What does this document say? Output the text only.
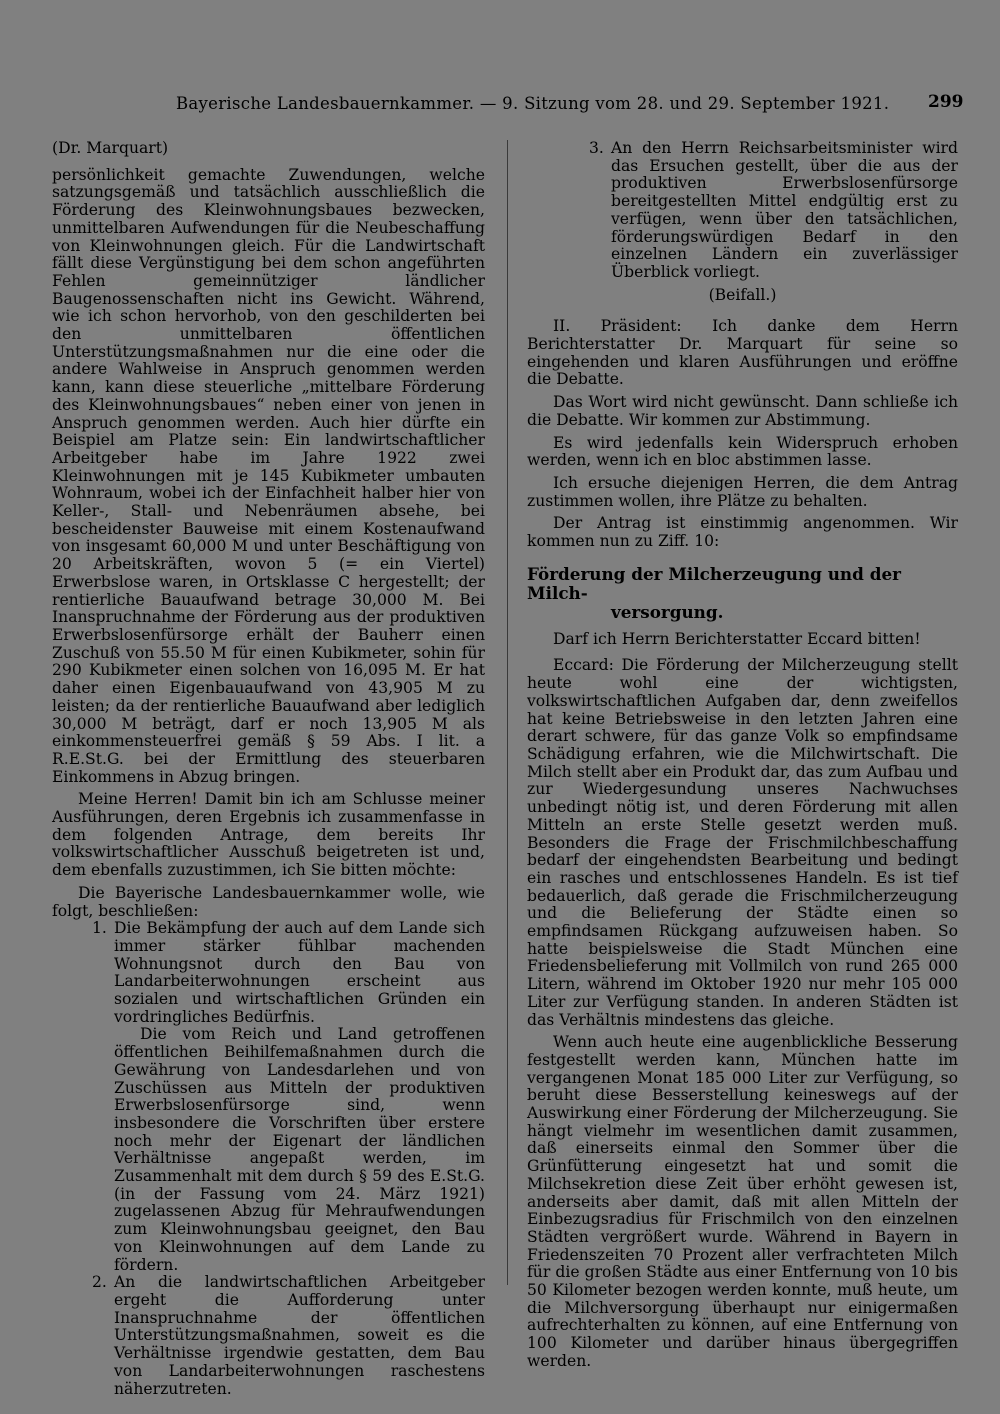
Bayerische Landesbauernkammer. — 9. Sitzung vom 28. und 29. September 1921. 299

(Dr. Marquart)

persönlichkeit gemachte Zuwendungen, welche satzungsgemäß und tatsächlich ausschließlich die Förderung des Kleinwohnungsbaues bezwecken, unmittelbaren Aufwendungen für die Neubeschaffung von Kleinwohnungen gleich. Für die Landwirtschaft fällt diese Vergünstigung bei dem schon angeführten Fehlen gemeinnütziger ländlicher Baugenossenschaften nicht ins Gewicht. Während, wie ich schon hervorhob, von den geschilderten bei den unmittelbaren öffentlichen Unterstützungsmaßnahmen nur die eine oder die andere Wahlweise in Anspruch genommen werden kann, kann diese steuerliche „mittelbare Förderung des Kleinwohnungsbaues“ neben einer von jenen in Anspruch genommen werden. Auch hier dürfte ein Beispiel am Platze sein: Ein landwirtschaftlicher Arbeitgeber habe im Jahre 1922 zwei Kleinwohnungen mit je 145 Kubikmeter umbauten Wohnraum, wobei ich der Einfachheit halber hier von Keller-, Stall- und Nebenräumen absehe, bei bescheidenster Bauweise mit einem Kostenaufwand von insgesamt 60,000 M und unter Beschäftigung von 20 Arbeitskräften, wovon 5 (= ein Viertel) Erwerbslose waren, in Ortsklasse C hergestellt; der rentierliche Bauaufwand betrage 30,000 M. Bei Inanspruchnahme der Förderung aus der produktiven Erwerbslosenfürsorge erhält der Bauherr einen Zuschuß von 55.50 M für einen Kubikmeter, sohin für 290 Kubikmeter einen solchen von 16,095 M. Er hat daher einen Eigenbauaufwand von 43,905 M zu leisten; da der rentierliche Bauaufwand aber lediglich 30,000 M beträgt, darf er noch 13,905 M als einkommensteuerfrei gemäß § 59 Abs. I lit. a R.E.St.G. bei der Ermittlung des steuerbaren Einkommens in Abzug bringen.

Meine Herren! Damit bin ich am Schlusse meiner Ausführungen, deren Ergebnis ich zusammenfasse in dem folgenden Antrage, dem bereits Ihr volkswirtschaftlicher Ausschuß beigetreten ist und, dem ebenfalls zuzustimmen, ich Sie bitten möchte:

Die Bayerische Landesbauernkammer wolle, wie folgt, beschließen:

1. Die Bekämpfung der auch auf dem Lande sich immer stärker fühlbar machenden Wohnungsnot durch den Bau von Landarbeiterwohnungen erscheint aus sozialen und wirtschaftlichen Gründen ein vordringliches Bedürfnis.

Die vom Reich und Land getroffenen öffentlichen Beihilfemaßnahmen durch die Gewährung von Landesdarlehen und von Zuschüssen aus Mitteln der produktiven Erwerbslosenfürsorge sind, wenn insbesondere die Vorschriften über erstere noch mehr der Eigenart der ländlichen Verhältnisse angepaßt werden, im Zusammenhalt mit dem durch § 59 des E.St.G. (in der Fassung vom 24. März 1921) zugelassenen Abzug für Mehraufwendungen zum Kleinwohnungsbau geeignet, den Bau von Kleinwohnungen auf dem Lande zu fördern.

2. An die landwirtschaftlichen Arbeitgeber ergeht die Aufforderung unter Inanspruchnahme der öffentlichen Unterstützungsmaßnahmen, soweit es die Verhältnisse irgendwie gestatten, dem Bau von Landarbeiterwohnungen raschestens näherzutreten.

3. An den Herrn Reichsarbeitsminister wird das Ersuchen gestellt, über die aus der produktiven Erwerbslosenfürsorge bereitgestellten Mittel endgültig erst zu verfügen, wenn über den tatsächlichen, förderungswürdigen Bedarf in den einzelnen Ländern ein zuverlässiger Überblick vorliegt.

(Beifall.)

II. Präsident: Ich danke dem Herrn Berichterstatter Dr. Marquart für seine so eingehenden und klaren Ausführungen und eröffne die Debatte.

Das Wort wird nicht gewünscht. Dann schließe ich die Debatte. Wir kommen zur Abstimmung.

Es wird jedenfalls kein Widerspruch erhoben werden, wenn ich en bloc abstimmen lasse.

Ich ersuche diejenigen Herren, die dem Antrag zustimmen wollen, ihre Plätze zu behalten.

Der Antrag ist einstimmig angenommen. Wir kommen nun zu Ziff. 10:

Förderung der Milcherzeugung und der Milch-
versorgung.

Darf ich Herrn Berichterstatter Eccard bitten!

Eccard: Die Förderung der Milcherzeugung stellt heute wohl eine der wichtigsten, volkswirtschaftlichen Aufgaben dar, denn zweifellos hat keine Betriebsweise in den letzten Jahren eine derart schwere, für das ganze Volk so empfindsame Schädigung erfahren, wie die Milchwirtschaft. Die Milch stellt aber ein Produkt dar, das zum Aufbau und zur Wiedergesundung unseres Nachwuchses unbedingt nötig ist, und deren Förderung mit allen Mitteln an erste Stelle gesetzt werden muß. Besonders die Frage der Frischmilchbeschaffung bedarf der eingehendsten Bearbeitung und bedingt ein rasches und entschlossenes Handeln. Es ist tief bedauerlich, daß gerade die Frischmilcherzeugung und die Belieferung der Städte einen so empfindsamen Rückgang aufzuweisen haben. So hatte beispielsweise die Stadt München eine Friedensbelieferung mit Vollmilch von rund 265 000 Litern, während im Oktober 1920 nur mehr 105 000 Liter zur Verfügung standen. In anderen Städten ist das Verhältnis mindestens das gleiche.

Wenn auch heute eine augenblickliche Besserung festgestellt werden kann, München hatte im vergangenen Monat 185 000 Liter zur Verfügung, so beruht diese Besserstellung keineswegs auf der Auswirkung einer Förderung der Milcherzeugung. Sie hängt vielmehr im wesentlichen damit zusammen, daß einerseits einmal den Sommer über die Grünfütterung eingesetzt hat und somit die Milchsekretion diese Zeit über erhöht gewesen ist, anderseits aber damit, daß mit allen Mitteln der Einbezugsradius für Frischmilch von den einzelnen Städten vergrößert wurde. Während in Bayern in Friedenszeiten 70 Prozent aller verfrachteten Milch für die großen Städte aus einer Entfernung von 10 bis 50 Kilometer bezogen werden konnte, muß heute, um die Milchversorgung überhaupt nur einigermaßen aufrechterhalten zu können, auf eine Entfernung von 100 Kilometer und darüber hinaus übergegriffen werden.
